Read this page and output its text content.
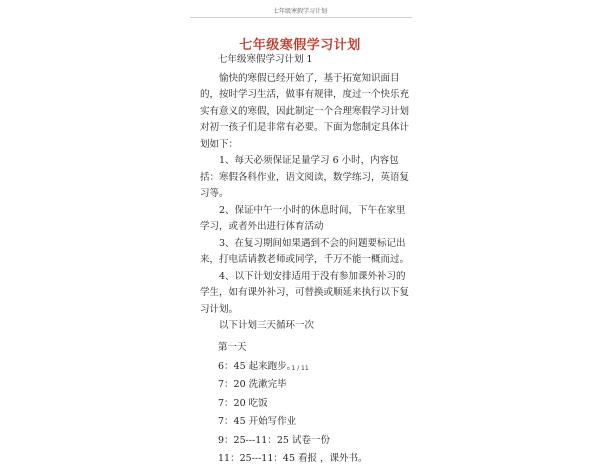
七年级寒假学习计划
七年级寒假学习计划

七年级寒假学习计划 1

愉快的寒假已经开始了，基于拓宽知识面目的，按时学习生活，做事有规律，度过一个快乐充实有意义的寒假，因此制定一个合理寒假学习计划对初一孩子们是非常有必要。下面为您制定具体计划如下：

1、每天必须保证足量学习 6 小时，内容包括：寒假各科作业，语文阅读，数学练习，英语复习等。

2、保证中午一小时的休息时间，下午在家里学习，或者外出进行体育活动

3、在复习期间如果遇到不会的问题要标记出来，打电话请教老师或同学，千万不能一概而过。

4、以下计划安排适用于没有参加课外补习的学生，如有课外补习，可替换或顺延来执行以下复习计划。

以下计划三天循环一次

第一天
6：45 起来跑步。
7：20 洗漱完毕
7：20 吃饭
7：45 开始写作业
9：25---11：25 试卷一份
11：25---11：45 看报 ，课外书。
1 / 11
